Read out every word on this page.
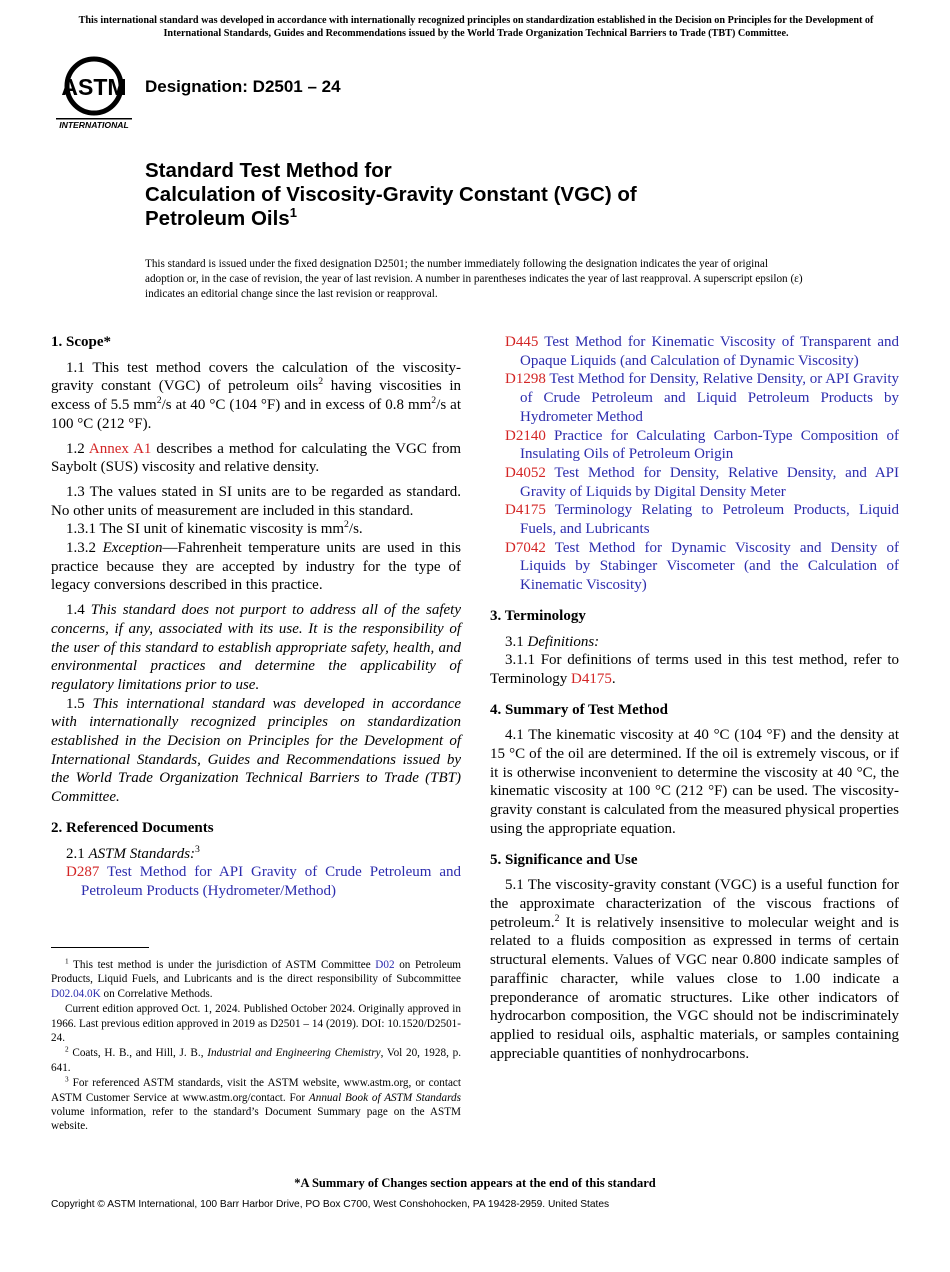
This international standard was developed in accordance with internationally recognized principles on standardization established in the Decision on Principles for the Development of International Standards, Guides and Recommendations issued by the World Trade Organization Technical Barriers to Trade (TBT) Committee.
ASTM
INTERNATIONAL
Designation: D2501 – 24
Standard Test Method for
Calculation of Viscosity-Gravity Constant (VGC) of
Petroleum Oils$^1$
This standard is issued under the fixed designation D2501; the number immediately following the designation indicates the year of original adoption or, in the case of revision, the year of last revision. A number in parentheses indicates the year of last reapproval. A superscript epsilon (ε) indicates an editorial change since the last revision or reapproval.

1. Scope*

1.1 This test method covers the calculation of the viscosity-gravity constant (VGC) of petroleum oils$^2$ having viscosities in excess of 5.5 $mm^2/s$ at 40 °C (104 °F) and in excess of 0.8 $mm^2/s$ at 100 °C (212 °F).

1.2 Annex A1 describes a method for calculating the VGC from Saybolt (SUS) viscosity and relative density.

1.3 The values stated in SI units are to be regarded as standard. No other units of measurement are included in this standard.

1.3.1 The SI unit of kinematic viscosity is $mm^2/s$.

1.3.2 Exception—Fahrenheit temperature units are used in this practice because they are accepted by industry for the type of legacy conversions described in this practice.

1.4 This standard does not purport to address all of the safety concerns, if any, associated with its use. It is the responsibility of the user of this standard to establish appropriate safety, health, and environmental practices and determine the applicability of regulatory limitations prior to use.

1.5 This international standard was developed in accordance with internationally recognized principles on standardization established in the Decision on Principles for the Development of International Standards, Guides and Recommendations issued by the World Trade Organization Technical Barriers to Trade (TBT) Committee.

2. Referenced Documents

2.1 ASTM Standards:$^3$

D287 Test Method for API Gravity of Crude Petroleum and Petroleum Products (Hydrometer/Method)

D445 Test Method for Kinematic Viscosity of Transparent and Opaque Liquids (and Calculation of Dynamic Viscosity)

D1298 Test Method for Density, Relative Density, or API Gravity of Crude Petroleum and Liquid Petroleum Products by Hydrometer Method

D2140 Practice for Calculating Carbon-Type Composition of Insulating Oils of Petroleum Origin

D4052 Test Method for Density, Relative Density, and API Gravity of Liquids by Digital Density Meter

D4175 Terminology Relating to Petroleum Products, Liquid Fuels, and Lubricants

D7042 Test Method for Dynamic Viscosity and Density of Liquids by Stabinger Viscometer (and the Calculation of Kinematic Viscosity)

3. Terminology

3.1 Definitions:

3.1.1 For definitions of terms used in this test method, refer to Terminology D4175.

4. Summary of Test Method

4.1 The kinematic viscosity at 40 °C (104 °F) and the density at 15 °C of the oil are determined. If the oil is extremely viscous, or if it is otherwise inconvenient to determine the viscosity at 40 °C, the kinematic viscosity at 100 °C (212 °F) can be used. The viscosity-gravity constant is calculated from the measured physical properties using the appropriate equation.

5. Significance and Use

5.1 The viscosity-gravity constant (VGC) is a useful function for the approximate characterization of the viscous fractions of petroleum.$^2$ It is relatively insensitive to molecular weight and is related to a fluids composition as expressed in terms of certain structural elements. Values of VGC near 0.800 indicate samples of paraffinic character, while values close to 1.00 indicate a preponderance of aromatic structures. Like other indicators of hydrocarbon composition, the VGC should not be indiscriminately applied to residual oils, asphaltic materials, or samples containing appreciable quantities of nonhydrocarbons.

$^1$ This test method is under the jurisdiction of ASTM Committee D02 on Petroleum Products, Liquid Fuels, and Lubricants and is the direct responsibility of Subcommittee D02.04.0K on Correlative Methods.

Current edition approved Oct. 1, 2024. Published October 2024. Originally approved in 1966. Last previous edition approved in 2019 as D2501 – 14 (2019). DOI: 10.1520/D2501-24.

$^2$ Coats, H. B., and Hill, J. B., Industrial and Engineering Chemistry, Vol 20, 1928, p. 641.

$^3$ For referenced ASTM standards, visit the ASTM website, www.astm.org, or contact ASTM Customer Service at www.astm.org/contact. For Annual Book of ASTM Standards volume information, refer to the standard’s Document Summary page on the ASTM website.

*A Summary of Changes section appears at the end of this standard
Copyright © ASTM International, 100 Barr Harbor Drive, PO Box C700, West Conshohocken, PA 19428-2959. United States
